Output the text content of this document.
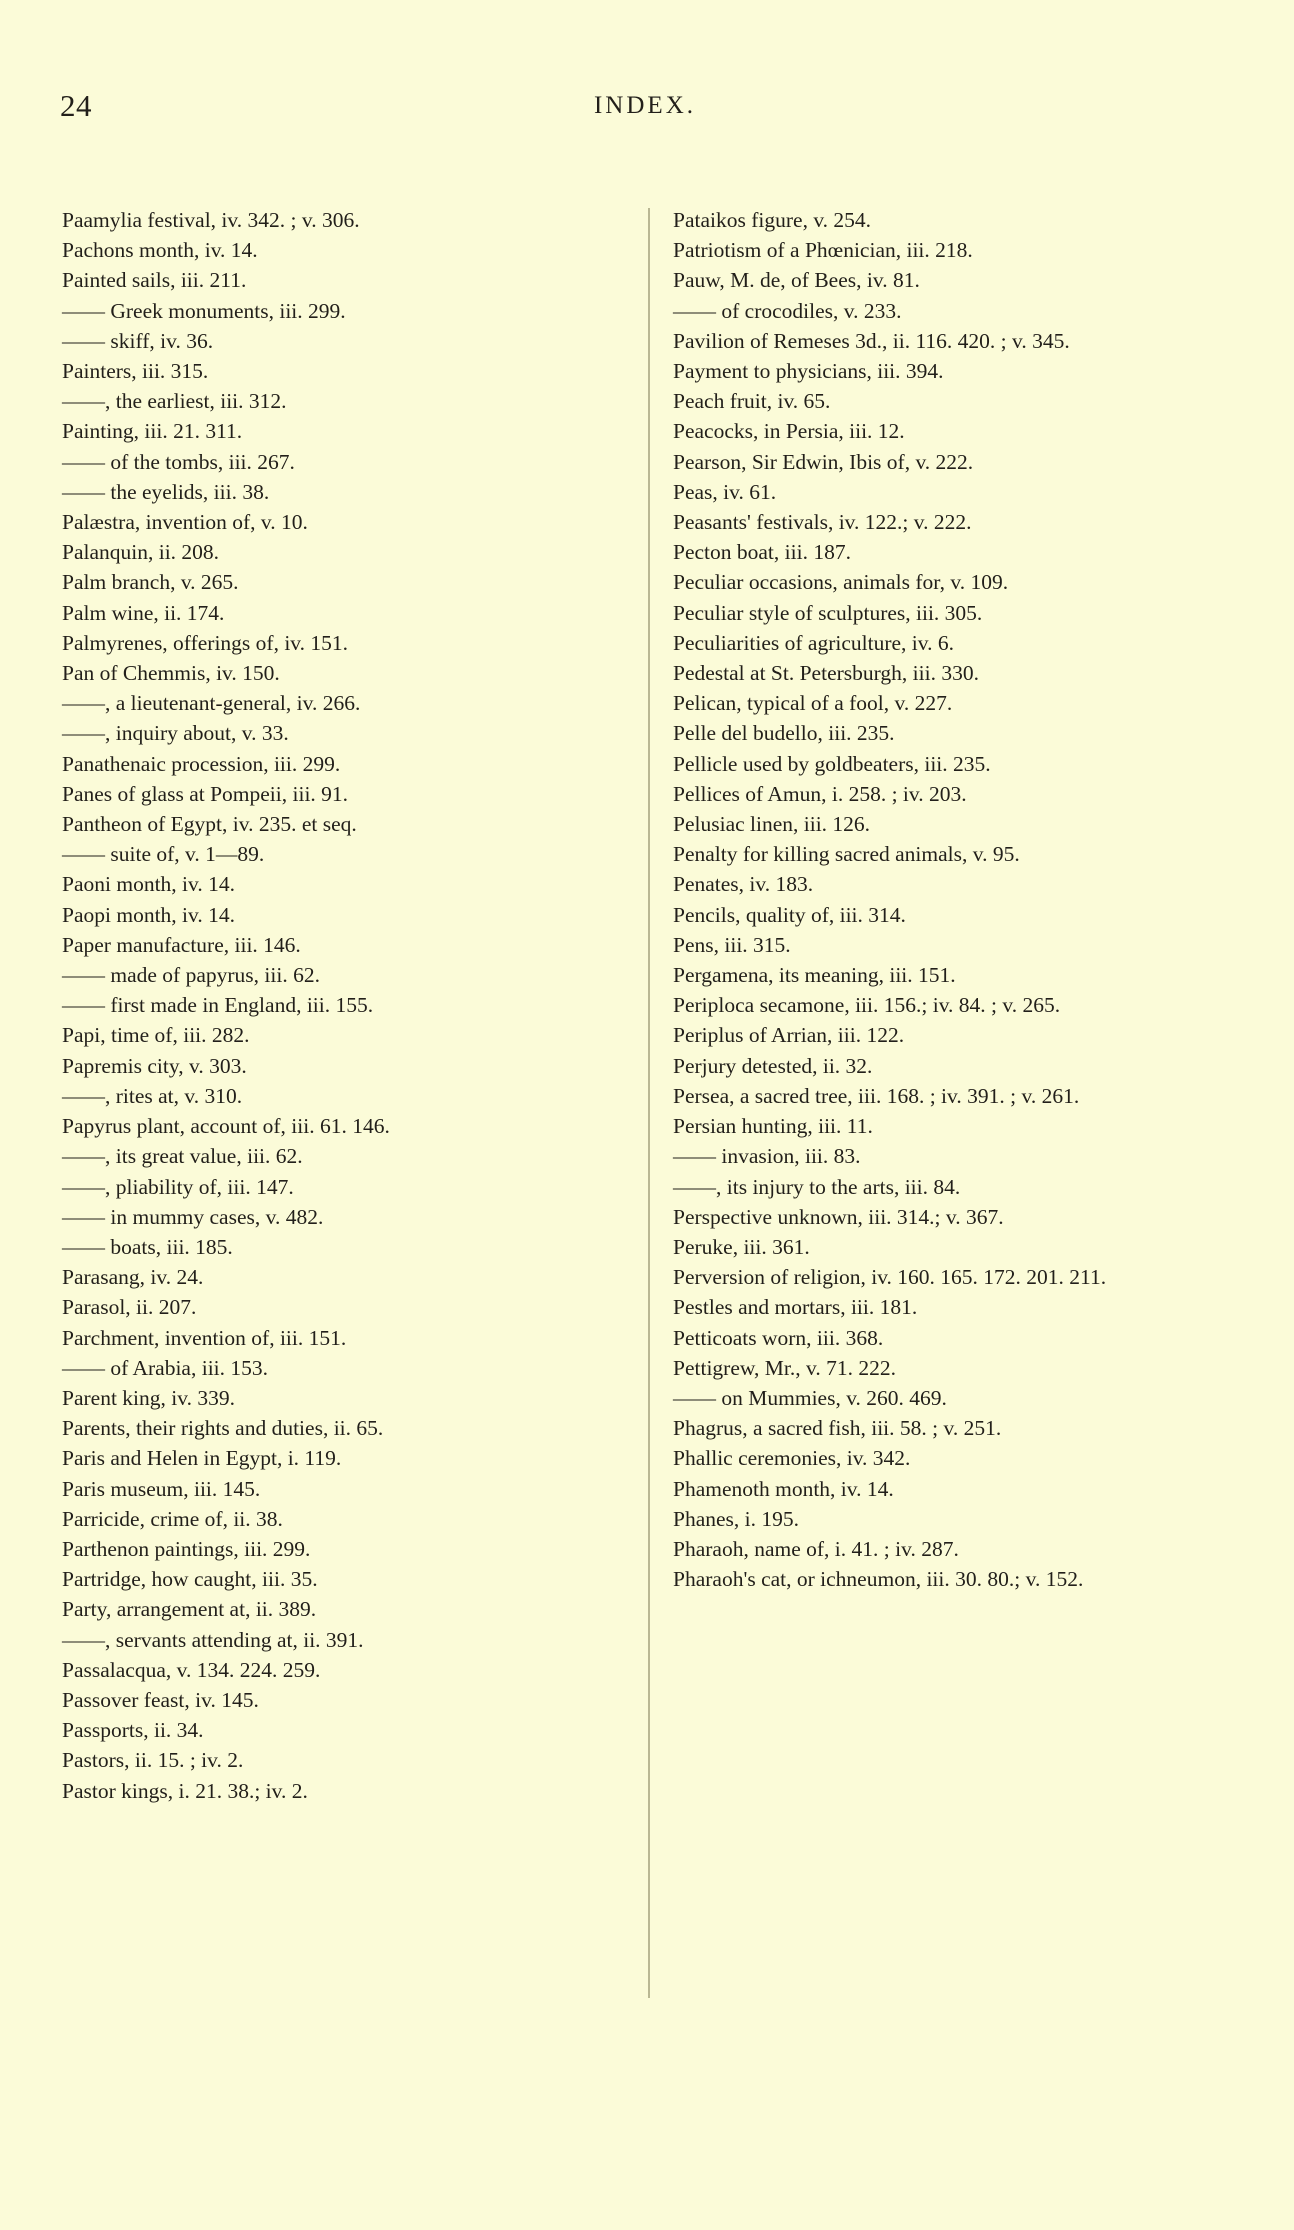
24	INDEX.

Paamylia festival, iv. 342. ; v. 306.

Pachons month, iv. 14.

Painted sails, iii. 211.

—— Greek monuments, iii. 299.

—— skiff, iv. 36.

Painters, iii. 315.

——, the earliest, iii. 312.

Painting, iii. 21. 311.

—— of the tombs, iii. 267.

—— the eyelids, iii. 38.

Palæstra, invention of, v. 10.

Palanquin, ii. 208.

Palm branch, v. 265.

Palm wine, ii. 174.

Palmyrenes, offerings of, iv. 151.

Pan of Chemmis, iv. 150.

——, a lieutenant-general, iv. 266.

——, inquiry about, v. 33.

Panathenaic procession, iii. 299.

Panes of glass at Pompeii, iii. 91.

Pantheon of Egypt, iv. 235. et seq.

—— suite of, v. 1—89.

Paoni month, iv. 14.

Paopi month, iv. 14.

Paper manufacture, iii. 146.

—— made of papyrus, iii. 62.

—— first made in England, iii. 155.

Papi, time of, iii. 282.

Papremis city, v. 303.

——, rites at, v. 310.

Papyrus plant, account of, iii. 61. 146.

——, its great value, iii. 62.

——, pliability of, iii. 147.

—— in mummy cases, v. 482.

—— boats, iii. 185.

Parasang, iv. 24.

Parasol, ii. 207.

Parchment, invention of, iii. 151.

—— of Arabia, iii. 153.

Parent king, iv. 339.

Parents, their rights and duties, ii. 65.

Paris and Helen in Egypt, i. 119.

Paris museum, iii. 145.

Parricide, crime of, ii. 38.

Parthenon paintings, iii. 299.

Partridge, how caught, iii. 35.

Party, arrangement at, ii. 389.

——, servants attending at, ii. 391.

Passalacqua, v. 134. 224. 259.

Passover feast, iv. 145.

Passports, ii. 34.

Pastors, ii. 15. ; iv. 2.

Pastor kings, i. 21. 38.; iv. 2.

Pataikos figure, v. 254.

Patriotism of a Phœnician, iii. 218.

Pauw, M. de, of Bees, iv. 81.

—— of crocodiles, v. 233.

Pavilion of Remeses 3d., ii. 116. 420. ; v. 345.

Payment to physicians, iii. 394.

Peach fruit, iv. 65.

Peacocks, in Persia, iii. 12.

Pearson, Sir Edwin, Ibis of, v. 222.

Peas, iv. 61.

Peasants' festivals, iv. 122.; v. 222.

Pecton boat, iii. 187.

Peculiar occasions, animals for, v. 109.

Peculiar style of sculptures, iii. 305.

Peculiarities of agriculture, iv. 6.

Pedestal at St. Petersburgh, iii. 330.

Pelican, typical of a fool, v. 227.

Pelle del budello, iii. 235.

Pellicle used by goldbeaters, iii. 235.

Pellices of Amun, i. 258. ; iv. 203.

Pelusiac linen, iii. 126.

Penalty for killing sacred animals, v. 95.

Penates, iv. 183.

Pencils, quality of, iii. 314.

Pens, iii. 315.

Pergamena, its meaning, iii. 151.

Periploca secamone, iii. 156.; iv. 84. ; v. 265.

Periplus of Arrian, iii. 122.

Perjury detested, ii. 32.

Persea, a sacred tree, iii. 168. ; iv. 391. ; v. 261.

Persian hunting, iii. 11.

—— invasion, iii. 83.

——, its injury to the arts, iii. 84.

Perspective unknown, iii. 314.; v. 367.

Peruke, iii. 361.

Perversion of religion, iv. 160. 165. 172. 201. 211.

Pestles and mortars, iii. 181.

Petticoats worn, iii. 368.

Pettigrew, Mr., v. 71. 222.

—— on Mummies, v. 260. 469.

Phagrus, a sacred fish, iii. 58. ; v. 251.

Phallic ceremonies, iv. 342.

Phamenoth month, iv. 14.

Phanes, i. 195.

Pharaoh, name of, i. 41. ; iv. 287.

Pharaoh's cat, or ichneumon, iii. 30. 80.; v. 152.
